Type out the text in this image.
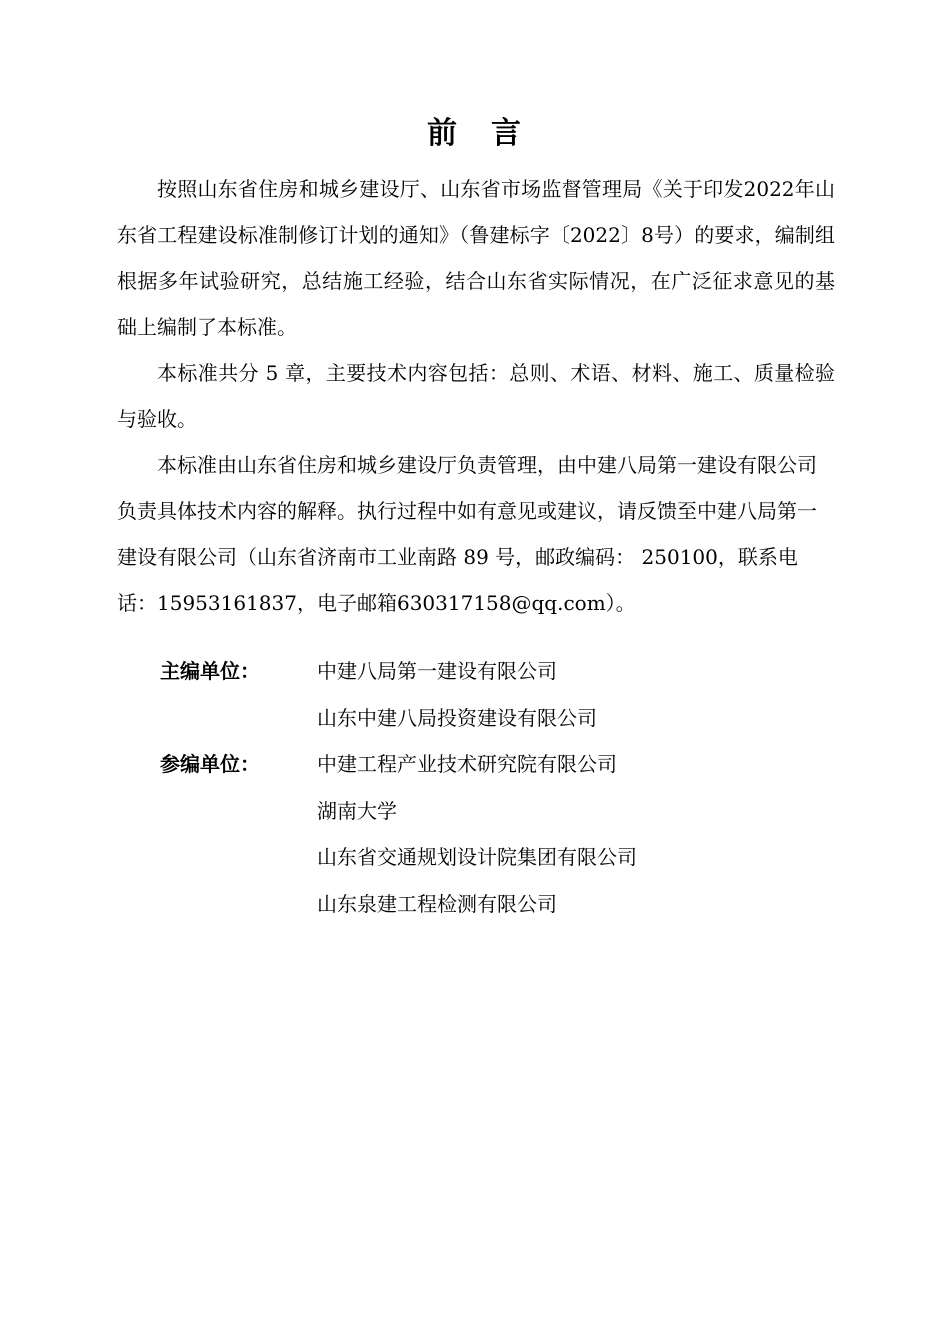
前　言

按照山东省住房和城乡建设厅、山东省市场监督管理局《关于印发2022年山东省工程建设标准制修订计划的通知》（鲁建标字〔2022〕8号）的要求，编制组根据多年试验研究，总结施工经验，结合山东省实际情况，在广泛征求意见的基础上编制了本标准。

本标准共分 5 章，主要技术内容包括：总则、术语、材料、施工、质量检验与验收。

本标准由山东省住房和城乡建设厅负责管理，由中建八局第一建设有限公司负责具体技术内容的解释。执行过程中如有意见或建议，请反馈至中建八局第一建设有限公司（山东省济南市工业南路 89 号，邮政编码： 250100，联系电话：15953161837，电子邮箱630317158@qq.com）。

主编单位：	中建八局第一建设有限公司
山东中建八局投资建设有限公司
参编单位：	中建工程产业技术研究院有限公司
湖南大学
山东省交通规划设计院集团有限公司
山东泉建工程检测有限公司
